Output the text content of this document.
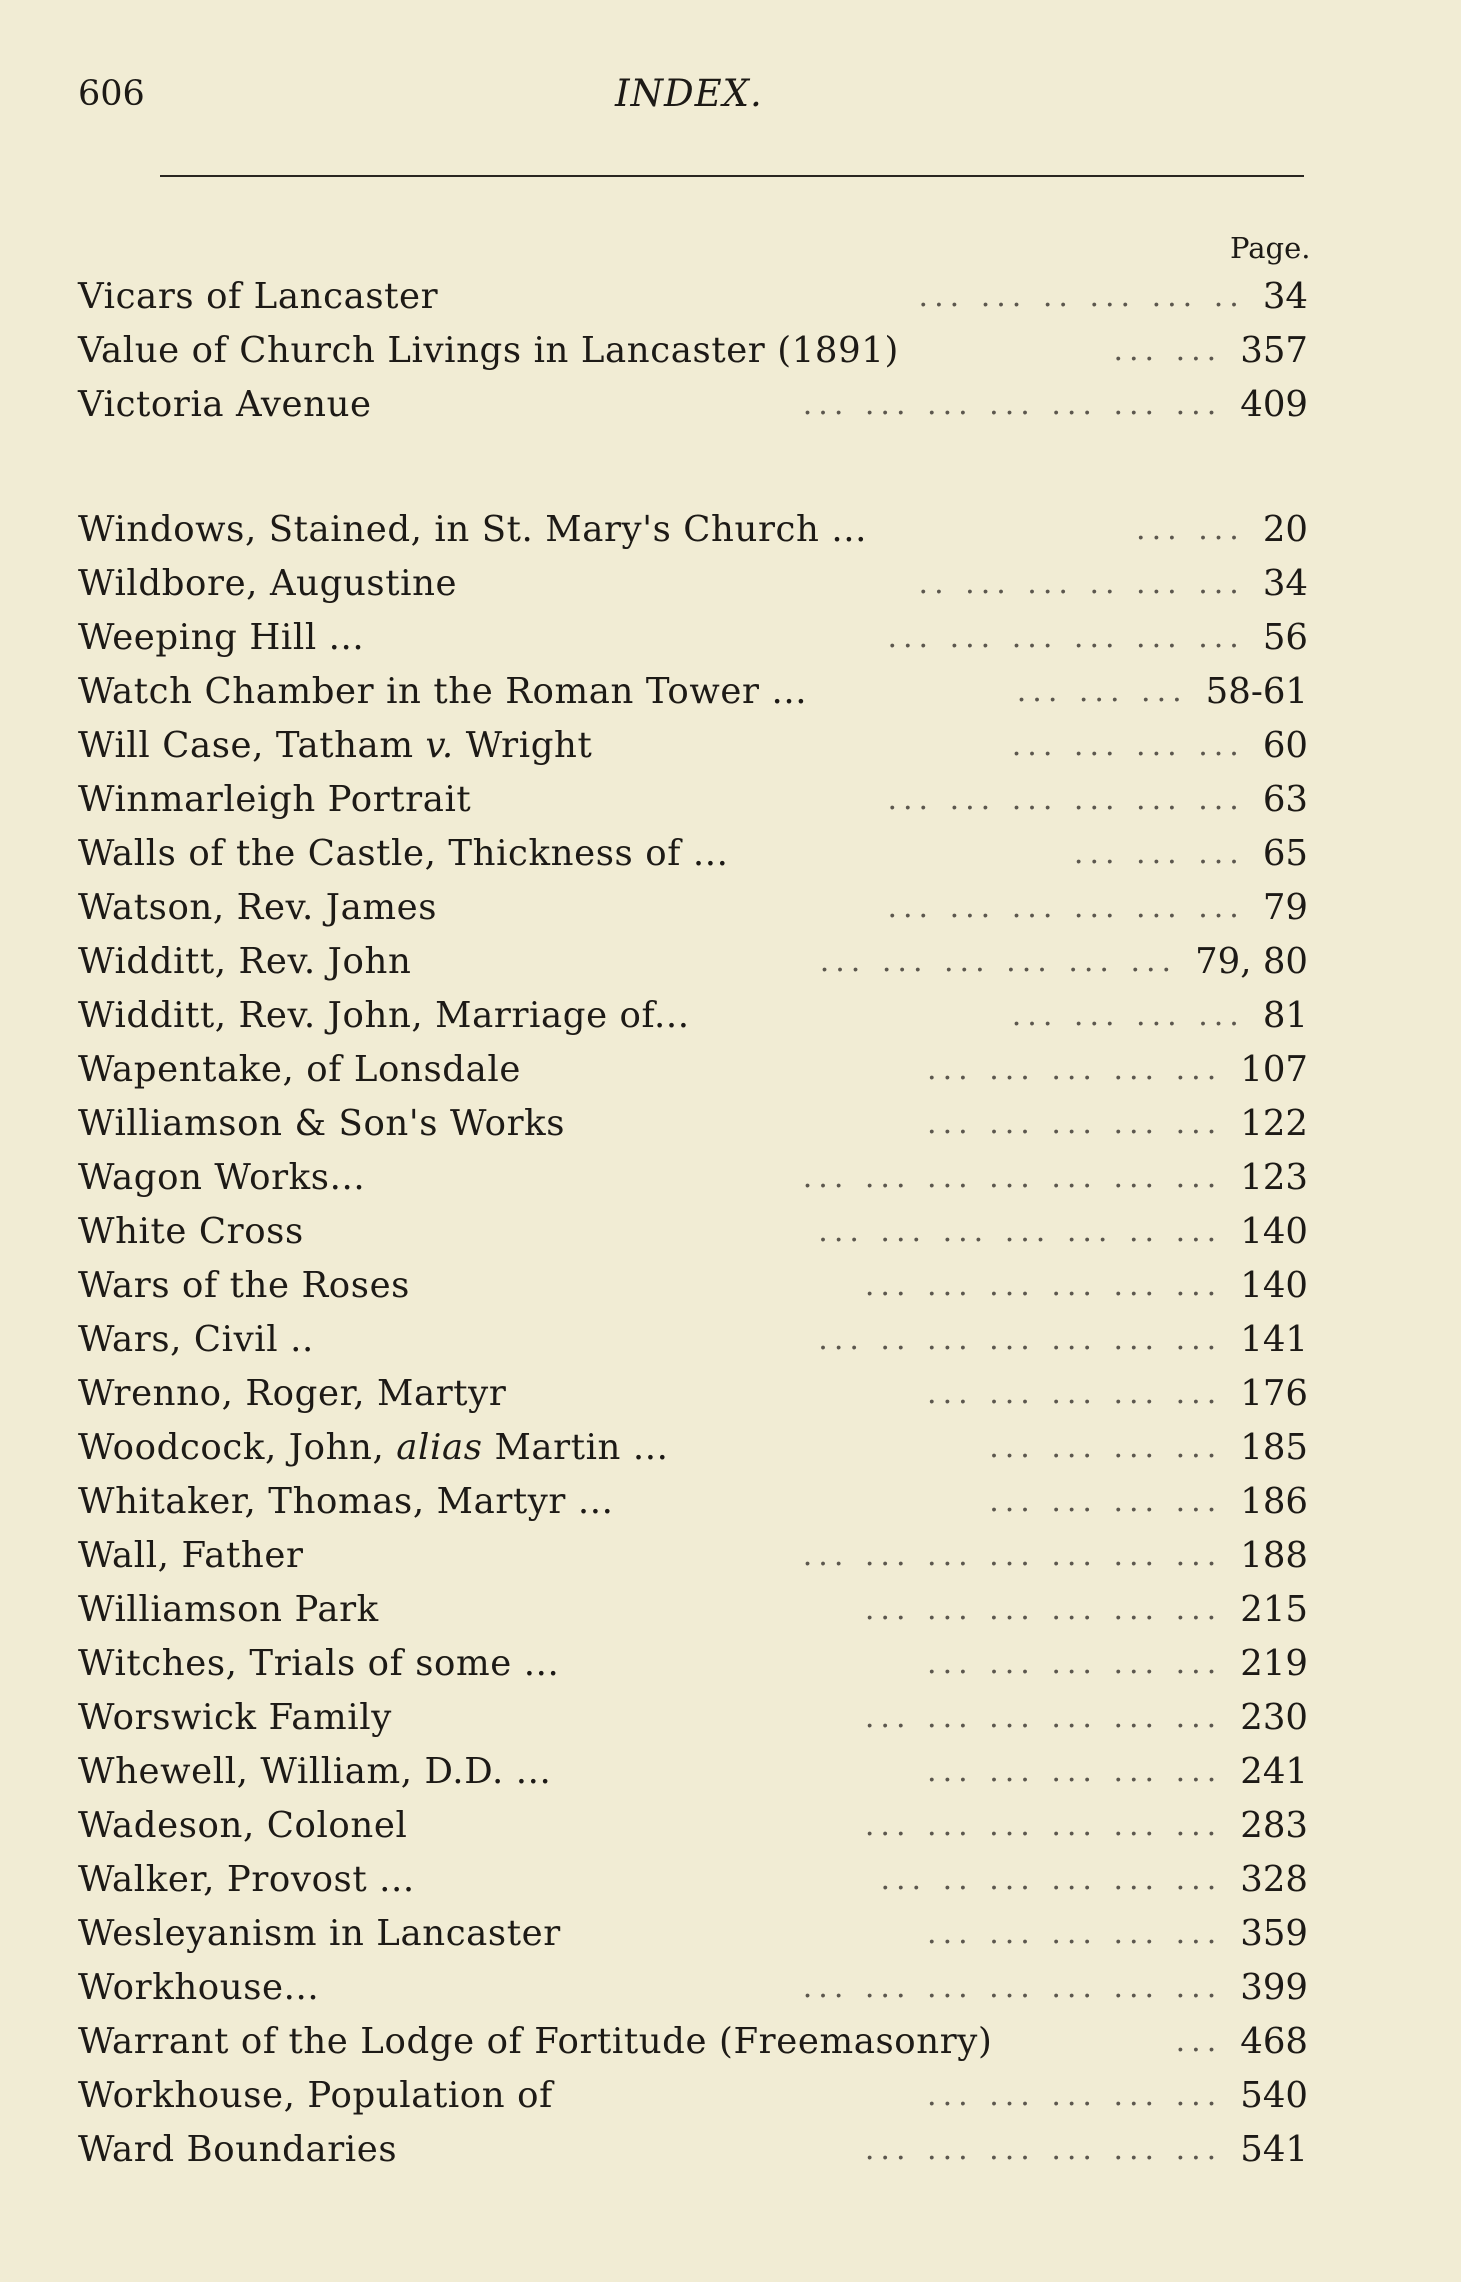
606	INDEX.
Page.
Vicars of Lancaster	... ... .. ... ... .. 34
Value of Church Livings in Lancaster (1891)	... ... 357
Victoria Avenue	... ... ... ... ... ... ... 409
Windows, Stained, in St. Mary's Church ...	... ... 20
Wildbore, Augustine	.. ... ... .. ... ... 34
Weeping Hill ...	... ... ... ... ... ... 56
Watch Chamber in the Roman Tower ...	... ... ... 58-61
Will Case, Tatham v. Wright	... ... ... ... 60
Winmarleigh Portrait	... ... ... ... ... ... 63
Walls of the Castle, Thickness of ...	... ... ... 65
Watson, Rev. James	... ... ... ... ... ... 79
Widditt, Rev. John	... ... ... ... ... ... 79, 80
Widditt, Rev. John, Marriage of...	... ... ... ... 81
Wapentake, of Lonsdale	... ... ... ... ... 107
Williamson & Son's Works	... ... ... ... ... 122
Wagon Works...	... ... ... ... ... ... ... 123
White Cross	... ... ... ... ... .. ... 140
Wars of the Roses	... ... ... ... ... ... 140
Wars, Civil ..	... .. ... ... ... ... ... 141
Wrenno, Roger, Martyr	... ... ... ... ... 176
Woodcock, John, alias Martin ...	... ... ... ... 185
Whitaker, Thomas, Martyr ...	... ... ... ... 186
Wall, Father	... ... ... ... ... ... ... 188
Williamson Park	... ... ... ... ... ... 215
Witches, Trials of some ...	... ... ... ... ... 219
Worswick Family	... ... ... ... ... ... 230
Whewell, William, D.D. ...	... ... ... ... ... 241
Wadeson, Colonel	... ... ... ... ... ... 283
Walker, Provost ...	... .. ... ... ... ... 328
Wesleyanism in Lancaster	... ... ... ... ... 359
Workhouse...	... ... ... ... ... ... ... 399
Warrant of the Lodge of Fortitude (Freemasonry)	... 468
Workhouse, Population of	... ... ... ... ... 540
Ward Boundaries	... ... ... ... ... ... 541
